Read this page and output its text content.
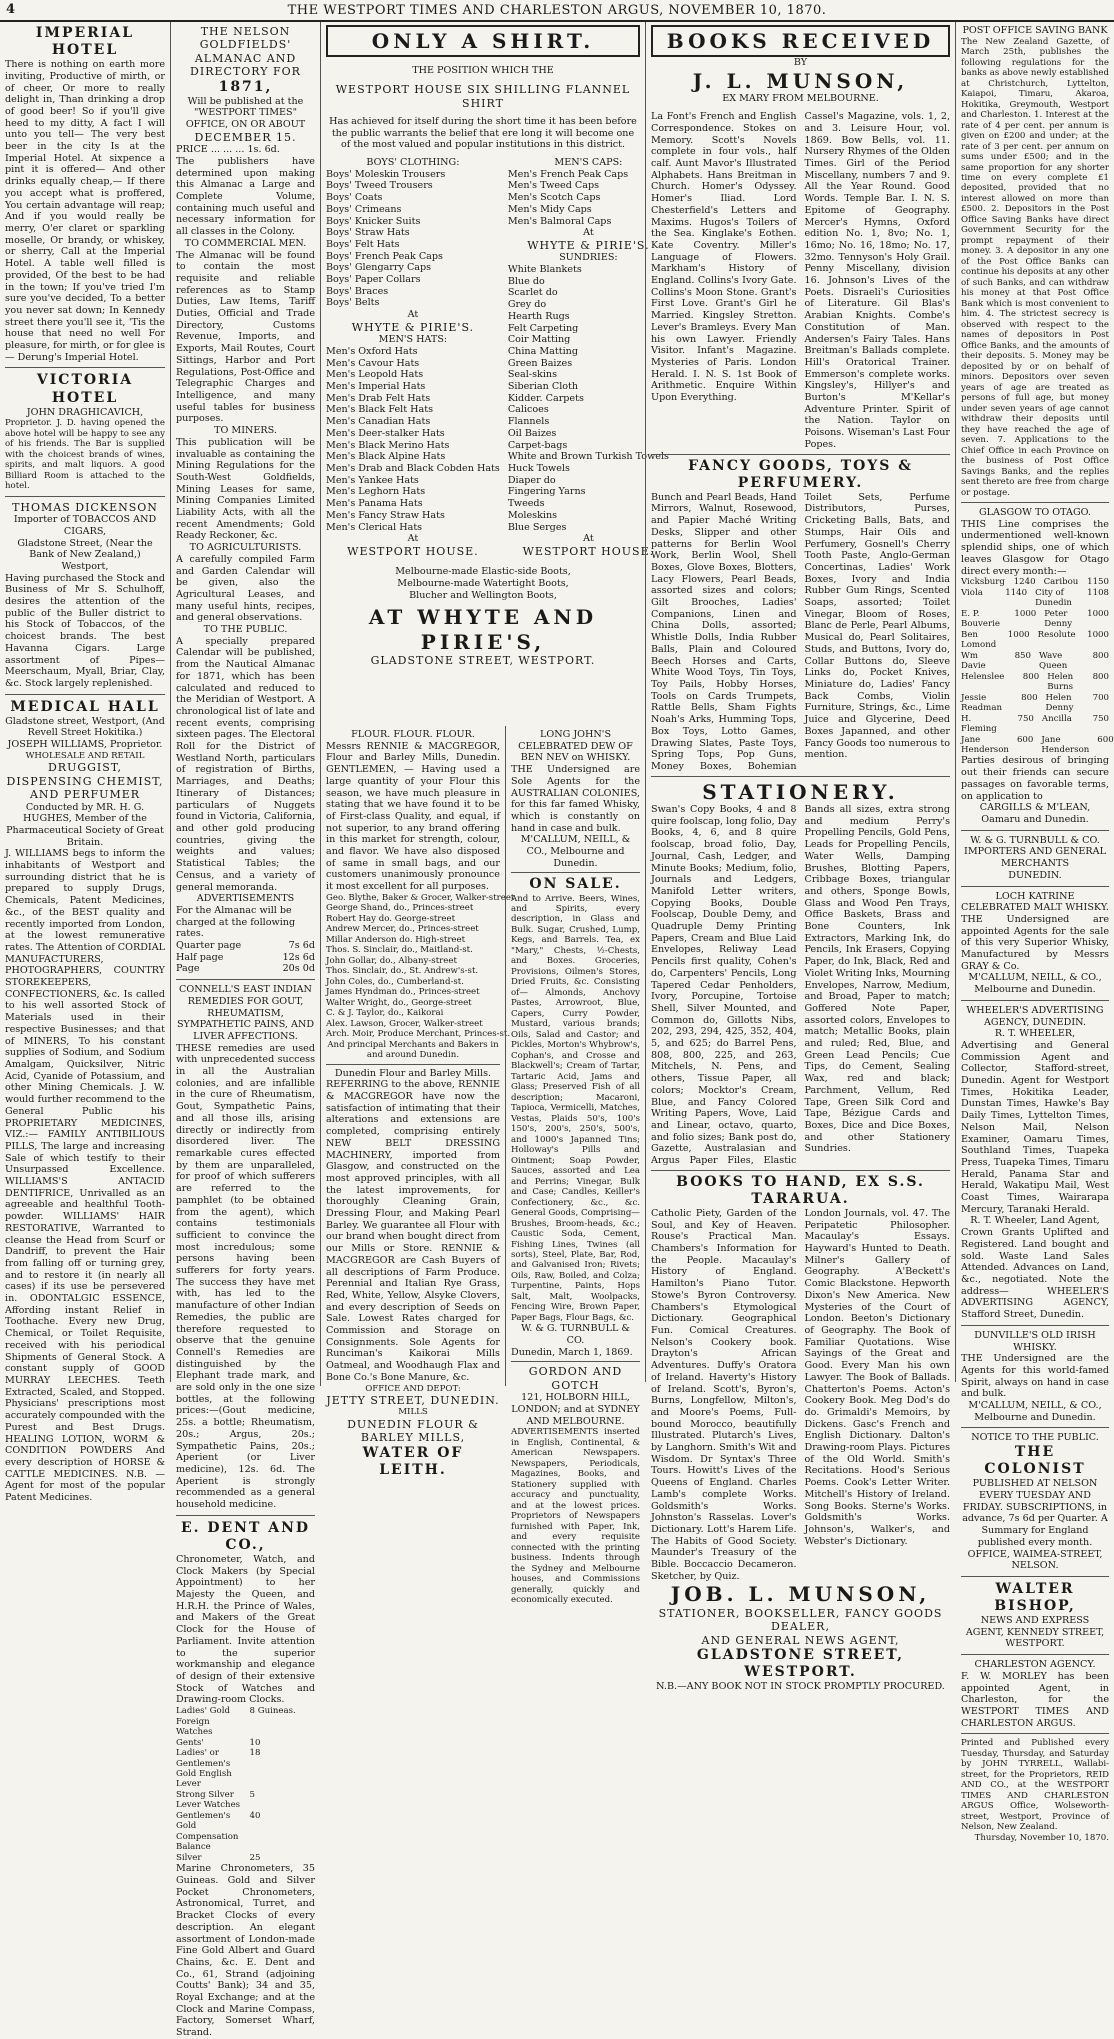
4	THE WESTPORT TIMES AND CHARLESTON ARGUS, NOVEMBER 10, 1870.
IMPERIAL HOTEL
There is nothing on earth more inviting, Productive of mirth, or of cheer, Or more to really delight in, Than drinking a drop of good beer! So if you'll give heed to my ditty, A fact I will unto you tell— The very best beer in the city Is at the Imperial Hotel. At sixpence a pint it is offered— And other drinks equally cheap,— If there you accept what is proffered, You certain advantage will reap; And if you would really be merry, O'er claret or sparkling moselle, Or brandy, or whiskey, or sherry, Call at the Imperial Hotel. A table well filled is provided, Of the best to be had in the town; If you've tried I'm sure you've decided, To a better you never sat down; In Kennedy street there you'll see it, 'Tis the house that need no well For pleasure, for mirth, or for glee is— Derung's Imperial Hotel.
VICTORIA HOTEL
JOHN DRAGHICAVICH,
Proprietor. J. D. having opened the above hotel will be happy to see any of his friends. The Bar is supplied with the choicest brands of wines, spirits, and malt liquors. A good Billiard Room is attached to the hotel.
THOMAS DICKENSON
Importer of TOBACCOS AND CIGARS,
Gladstone Street, (Near the Bank of New Zealand,) Westport,
Having purchased the Stock and Business of Mr S. Schulhoff, desires the attention of the public of the Buller district to his Stock of Tobaccos, of the choicest brands. The best Havanna Cigars. Large assortment of Pipes—Meerschaum, Myall, Briar, Clay, &c. Stock largely replenished.
MEDICAL HALL
Gladstone street, Westport, (And Revell Street Hokitika.)
JOSEPH WILLIAMS, Proprietor.
WHOLESALE AND RETAIL
DRUGGIST, DISPENSING CHEMIST, AND PERFUMER
Conducted by MR. H. G. HUGHES, Member of the Pharmaceutical Society of Great Britain.
J. WILLIAMS begs to inform the inhabitants of Westport and surrounding district that he is prepared to supply Drugs, Chemicals, Patent Medicines, &c., of the BEST quality and recently imported from London, at the lowest remunerative rates. The Attention of CORDIAL MANUFACTURERS, PHOTOGRAPHERS, COUNTRY STOREKEEPERS, CONFECTIONERS, &c. Is called to his well assorted Stock of Materials used in their respective Businesses; and that of MINERS, To his constant supplies of Sodium, and Sodium Amalgam, Quicksilver, Nitric Acid, Cyanide of Potassium, and other Mining Chemicals. J. W. would further recommend to the General Public his PROPRIETARY MEDICINES, VIZ.:— FAMILY ANTIBILIOUS PILLS, The large and increasing Sale of which testify to their Unsurpassed Excellence. WILLIAMS'S ANTACID DENTIFRICE, Unrivalled as an agreeable and healthful Tooth-powder. WILLIAMS' HAIR RESTORATIVE, Warranted to cleanse the Head from Scurf or Dandriff, to prevent the Hair from falling off or turning grey, and to restore it (in nearly all cases) if its use be persevered in. ODONTALGIC ESSENCE, Affording instant Relief in Toothache. Every new Drug, Chemical, or Toilet Requisite, received with his periodical Shipments of General Stock. A constant supply of GOOD MURRAY LEECHES. Teeth Extracted, Scaled, and Stopped. Physicians' prescriptions most accurately compounded with the Purest and Best Drugs. HEALING LOTION, WORM & CONDITION POWDERS And every description of HORSE & CATTLE MEDICINES. N.B. — Agent for most of the popular Patent Medicines.
THE NELSON GOLDFIELDS' ALMANAC AND DIRECTORY FOR
1871,
Will be published at the "WESTPORT TIMES" OFFICE, ON OR ABOUT
DECEMBER 15.
PRICE ... ... ... 1s. 6d.
The publishers have determined upon making this Almanac a Large and Complete Volume, containing much useful and necessary information for all classes in the Colony.
TO COMMERCIAL MEN.
The Almanac will be found to contain the most requisite and reliable references as to Stamp Duties, Law Items, Tariff Duties, Official and Trade Directory, Customs Revenue, Imports, and Exports, Mail Routes, Court Sittings, Harbor and Port Regulations, Post-Office and Telegraphic Charges and Intelligence, and many useful tables for business purposes.
TO MINERS.
This publication will be invaluable as containing the Mining Regulations for the South-West Goldfields, Mining Leases for same, Mining Companies Limited Liability Acts, with all the recent Amendments; Gold Ready Reckoner, &c.
TO AGRICULTURISTS.
A carefully compiled Farm and Garden Calendar will be given, also the Agricultural Leases, and many useful hints, recipes, and general observations.
TO THE PUBLIC.
A specially prepared Calendar will be published, from the Nautical Almanac for 1871, which has been calculated and reduced to the Meridian of Westport. A chronological list of late and recent events, comprising sixteen pages. The Electoral Roll for the District of Westland North, particulars of registration of Births, Marriages, and Deaths; Itinerary of Distances; particulars of Nuggets found in Victoria, California, and other gold producing countries, giving the weights and values; Statistical Tables; the Census, and a variety of general memoranda.
ADVERTISEMENTS
For the Almanac will be charged at the following rates.
Quarter page	7s 6d
Half page	12s 6d
Page	20s 0d
CONNELL'S EAST INDIAN REMEDIES FOR GOUT, RHEUMATISM, SYMPATHETIC PAINS, AND LIVER AFFECTIONS.
THESE remedies are used with unprecedented success in all the Australian colonies, and are infallible in the cure of Rheumatism, Gout, Sympathetic Pains, and all those ills, arising directly or indirectly from disordered liver. The remarkable cures effected by them are unparalleled, for proof of which sufferers are referred to the pamphlet (to be obtained from the agent), which contains testimonials sufficient to convince the most incredulous; some persons having been sufferers for forty years. The success they have met with, has led to the manufacture of other Indian Remedies, the public are therefore requested to observe that the genuine Connell's Remedies are distinguished by the Elephant trade mark, and are sold only in the one size bottles, at the following prices:—(Gout medicine, 25s. a bottle; Rheumatism, 20s.; Argus, 20s.; Sympathetic Pains, 20s.; Aperient (or Liver medicine), 12s. 6d. The Aperient is strongly recommended as a general household medicine.
E. DENT AND CO.,
Chronometer, Watch, and Clock Makers (by Special Appointment) to her Majesty the Queen, and H.R.H. the Prince of Wales, and Makers of the Great Clock for the House of Parliament. Invite attention to the superior workmanship and elegance of design of their extensive Stock of Watches and Drawing-room Clocks.
Ladies' Gold Foreign Watches
8 Guineas.
Gents'	10
Ladies' or Gentlemen's Gold English Lever
18
Strong Silver Lever Watches
5
Gentlemen's Gold Compensation Balance
40
Silver	25
Marine Chronometers, 35 Guineas. Gold and Silver Pocket Chronometers, Astronomical, Turret, and Bracket Clocks of every description. An elegant assortment of London-made Fine Gold Albert and Guard Chains, &c. E. Dent and Co., 61, Strand (adjoining Coutts' Bank); 34 and 35, Royal Exchange; and at the Clock and Marine Compass, Factory, Somerset Wharf, Strand.
ONLY A SHIRT.
THE POSITION WHICH THE
WESTPORT HOUSE SIX SHILLING FLANNEL SHIRT
Has achieved for itself during the short time it has been before the public warrants the belief that ere long it will become one of the most valued and popular institutions in this district.
BOYS' CLOTHING:
Boys' Moleskin Trousers
Boys' Tweed Trousers
Boys' Coats
Boys' Crimeans
Boys' Knicker Suits
Boys' Straw Hats
Boys' Felt Hats
Boys' French Peak Caps
Boys' Glengarry Caps
Boys' Paper Collars
Boys' Braces
Boys' Belts
At
WHYTE & PIRIE'S.
MEN'S HATS:
Men's Oxford Hats
Men's Cavour Hats
Men's Leopold Hats
Men's Imperial Hats
Men's Drab Felt Hats
Men's Black Felt Hats
Men's Canadian Hats
Men's Deer-stalker Hats
Men's Black Merino Hats
Men's Black Alpine Hats
Men's Drab and Black Cobden Hats
Men's Yankee Hats
Men's Leghorn Hats
Men's Panama Hats
Men's Fancy Straw Hats
Men's Clerical Hats
At
WESTPORT HOUSE.
MEN'S CAPS:
Men's French Peak Caps
Men's Tweed Caps
Men's Scotch Caps
Men's Midy Caps
Men's Balmoral Caps
At
WHYTE & PIRIE'S.
SUNDRIES:
White Blankets
Blue do
Scarlet do
Grey do
Hearth Rugs
Felt Carpeting
Coir Matting
China Matting
Green Baizes
Seal-skins
Siberian Cloth
Kidder. Carpets
Calicoes
Flannels
Oil Baizes
Carpet-bags
White and Brown Turkish Towels
Huck Towels
Diaper do
Fingering Yarns
Tweeds
Moleskins
Blue Serges
At
WESTPORT HOUSE.
Melbourne-made Elastic-side Boots,
Melbourne-made Watertight Boots,
Blucher and Wellington Boots,
AT WHYTE AND PIRIE'S,
GLADSTONE STREET, WESTPORT.
FLOUR. FLOUR. FLOUR.
Messrs RENNIE & MACGREGOR, Flour and Barley Mills, Dunedin. GENTLEMEN, — Having used a large quantity of your Flour this season, we have much pleasure in stating that we have found it to be of First-class Quality, and equal, if not superior, to any brand offering in this market for strength, colour, and flavor. We have also disposed of same in small bags, and our customers unanimously pronounce it most excellent for all purposes.
Geo. Blythe, Baker & Grocer, Walker-street
George Shand, do., Princes-street
Robert Hay do. George-street
Andrew Mercer, do., Princes-street
Millar Anderson do. High-street
Thos. S. Sinclair, do., Maitland-st.
John Gollar, do., Albany-street
Thos. Sinclair, do., St. Andrew's-st.
John Coles, do., Cumberland-st.
James Hyndman do., Princes-street
Walter Wright, do., George-street
C. & J. Taylor, do., Kaikorai
Alex. Lawson, Grocer, Walker-street
Arch. Moir, Produce Merchant, Princes-st.
And principal Merchants and Bakers in and around Dunedin.
Dunedin Flour and Barley Mills.
REFERRING to the above, RENNIE & MACGREGOR have now the satisfaction of intimating that their alterations and extensions are completed, comprising entirely NEW BELT DRESSING MACHINERY, imported from Glasgow, and constructed on the most approved principles, with all the latest improvements, for thoroughly Cleaning Grain, Dressing Flour, and Making Pearl Barley. We guarantee all Flour with our brand when bought direct from our Mills or Store. RENNIE & MACGREGOR are Cash Buyers of all descriptions of Farm Produce. Perennial and Italian Rye Grass, Red, White, Yellow, Alsyke Clovers, and every description of Seeds on Sale. Lowest Rates charged for Commission and Storage on Consignments. Sole Agents for Runciman's Kaikorai Mills Oatmeal, and Woodhaugh Flax and Bone Co.'s Bone Manure, &c.
OFFICE AND DEPOT:
JETTY STREET, DUNEDIN.
MILLS
DUNEDIN FLOUR & BARLEY MILLS,
WATER OF LEITH.
LONG JOHN'S CELEBRATED DEW OF BEN NEV on WHISKY.
THE Undersigned are Sole Agents for the AUSTRALIAN COLONIES, for this far famed Whisky, which is constantly on hand in case and bulk.
M'CALLUM, NEILL, & CO., Melbourne and Dunedin.
ON SALE.
And to Arrive. Beers, Wines, and Spirits, every description, in Glass and Bulk. Sugar, Crushed, Lump, Kegs, and Barrels. Tea, ex "Mary," Chests, ½-Chests, and Boxes. Groceries, Provisions, Oilmen's Stores, Dried Fruits, &c. Consisting of— Almonds, Anchovy Pastes, Arrowroot, Blue, Capers, Curry Powder, Mustard, various brands; Oils, Salad and Castor; and Pickles, Morton's Whybrow's, Cophan's, and Crosse and Blackwell's; Cream of Tartar, Tartaric Acid, Jams and Glass; Preserved Fish of all description; Macaroni, Tapioca, Vermicelli, Matches, Vestas, Plaids 50's, 100's 150's, 200's, 250's, 500's, and 1000's Japanned Tins; Holloway's Pills and Ointment; Soap Powder, Sauces, assorted and Lea and Perrins; Vinegar, Bulk and Case; Candles, Keiller's Confectionery, &c., &c. General Goods, Comprising— Brushes, Broom-heads, &c.; Caustic Soda, Cement, Fishing Lines, Twines (all sorts), Steel, Plate, Bar, Rod, and Galvanised Iron; Rivets; Oils, Raw, Boiled, and Colza; Turpentine, Paints, Hops Salt, Malt, Woolpacks, Fencing Wire, Brown Paper, Paper Bags, Flour Bags, &c.
W. & G. TURNBULL & CO.
Dunedin, March 1, 1869.
GORDON AND GOTCH
121, HOLBORN HILL, LONDON; and at SYDNEY AND MELBOURNE.
ADVERTISEMENTS inserted in English, Continental, & American Newspapers. Newspapers, Periodicals, Magazines, Books, and Stationery supplied with accuracy and punctuality, and at the lowest prices. Proprietors of Newspapers furnished with Paper, Ink, and every requisite connected with the printing business. Indents through the Sydney and Melbourne houses, and Commissions generally, quickly and economically executed.
BOOKS RECEIVED
BY
J. L. MUNSON,
EX MARY FROM MELBOURNE.
La Font's French and English Correspondence. Stokes on Memory. Scott's Novels complete in four vols., half calf. Aunt Mavor's Illustrated Alphabets. Hans Breitman in Church. Homer's Odyssey. Homer's Iliad. Lord Chesterfield's Letters and Maxims. Hugos's Toilers of the Sea. Kinglake's Eothen. Kate Coventry. Miller's Language of Flowers. Markham's History of England. Collins's Ivory Gate. Collins's Moon Stone. Grant's First Love. Grant's Girl he Married. Kingsley Stretton. Lever's Bramleys. Every Man his own Lawyer. Friendly Visitor. Infant's Magazine. Mysteries of Paris. London Herald. I. N. S. 1st Book of Arithmetic. Enquire Within Upon Everything.
Cassel's Magazine, vols. 1, 2, and 3. Leisure Hour, vol. 1869. Bow Bells, vol. 11. Nursery Rhymes of the Olden Times. Girl of the Period Miscellany, numbers 7 and 9. All the Year Round. Good Words. Temple Bar. I. N. S. Epitome of Geography. Mercer's Hymns, Oxford edition No. 1, 8vo; No. 1, 16mo; No. 16, 18mo; No. 17, 32mo. Tennyson's Holy Grail. Penny Miscellany, division 16. Johnson's Lives of the Poets. Disraeli's Curiosities of Literature. Gil Blas's Arabian Knights. Combe's Constitution of Man. Andersen's Fairy Tales. Hans Breitman's Ballads complete. Hill's Oratorical Trainer. Emmerson's complete works. Kingsley's, Hillyer's and Burton's M'Kellar's Adventure Printer. Spirit of the Nation. Taylor on Poisons. Wiseman's Last Four Popes.
FANCY GOODS, TOYS & PERFUMERY.
Bunch and Pearl Beads, Hand Mirrors, Walnut, Rosewood, and Papier Maché Writing Desks, Slipper and other patterns for Berlin Wool Work, Berlin Wool, Shell Boxes, Glove Boxes, Blotters, Lacy Flowers, Pearl Beads, assorted sizes and colors; Gilt Brooches, Ladies' Companions, Linen and China Dolls, assorted; Whistle Dolls, India Rubber Balls, Plain and Coloured Beech Horses and Carts, White Wood Toys, Tin Toys, Toy Pails, Hobby Horses, Tools on Cards Trumpets, Rattle Bells, Sham Fights Noah's Arks, Humming Tops, Box Toys, Lotto Games, Drawing Slates, Paste Toys, Spring Tops, Pop Guns, Money Boxes, Bohemian Toilet Sets, Perfume Distributors, Purses, Cricketing Balls, Bats, and Stumps, Hair Oils and Perfumery, Gosnell's Cherry Tooth Paste, Anglo-German Concertinas, Ladies' Work Boxes, Ivory and India Rubber Gum Rings, Scented Soaps, assorted; Toilet Vinegar, Bloom of Roses, Blanc de Perle, Pearl Albums, Musical do, Pearl Solitaires, Studs, and Buttons, Ivory do, Collar Buttons do, Sleeve Links do, Pocket Knives, Miniature do, Ladies' Fancy Back Combs, Violin Furniture, Strings, &c., Lime Juice and Glycerine, Deed Boxes Japanned, and other Fancy Goods too numerous to mention.
STATIONERY.
Swan's Copy Books, 4 and 8 quire foolscap, long folio, Day Books, 4, 6, and 8 quire foolscap, broad folio, Day, Journal, Cash, Ledger, and Minute Books; Medium, folio, Journals and Ledgers, Manifold Letter writers, Copying Books, Double Foolscap, Double Demy, and Quadruple Demy Printing Papers, Cream and Blue Laid Envelopes, Reliway Lead Pencils first quality, Cohen's do, Carpenters' Pencils, Long Tapered Cedar Penholders, Ivory, Porcupine, Tortoise Shell, Silver Mounted, and Common do, Gillotts Nibs, 202, 293, 294, 425, 352, 404, 5, and 625; do Barrel Pens, 808, 800, 225, and 263, Mitchels, N. Pens, and others, Tissue Paper, all colors; Mocktor's Cream, Blue, and Fancy Colored Writing Papers, Wove, Laid and Linear, octavo, quarto, and folio sizes; Bank post do, Gazette, Australasian and Argus Paper Files, Elastic Bands all sizes, extra strong and medium Perry's Propelling Pencils, Gold Pens, Leads for Propelling Pencils, Water Wells, Damping Brushes, Blotting Papers, Cribbage Boxes, triangular and others, Sponge Bowls, Glass and Wood Pen Trays, Office Baskets, Brass and Bone Counters, Ink Extractors, Marking Ink, do Pencils, Ink Erasers, Copying Paper, do Ink, Black, Red and Violet Writing Inks, Mourning Envelopes, Narrow, Medium, and Broad, Paper to match; Goffered Note Paper, assorted colors, Envelopes to match; Metallic Books, plain and ruled; Red, Blue, and Green Lead Pencils; Cue Tips, do Cement, Sealing Wax, red and black; Parchment, Vellum, Red Tape, Green Silk Cord and Tape, Bézigue Cards and Boxes, Dice and Dice Boxes, and other Stationery Sundries.
BOOKS TO HAND, EX S.S. TARARUA.
Catholic Piety, Garden of the Soul, and Key of Heaven. Rouse's Practical Man. Chambers's Information for the People. Macaulay's History of England. Hamilton's Piano Tutor. Stowe's Byron Controversy. Chambers's Etymological Dictionary. Geographical Fun. Comical Creatures. Nelson's Cookery book. Drayton's African Adventures. Duffy's Oratora of Ireland. Haverty's History of Ireland. Scott's, Byron's, Burns, Longfellow, Milton's, and Moore's Poems, Full-bound Morocco, beautifully Illustrated. Plutarch's Lives, by Langhorn. Smith's Wit and Wisdom. Dr Syntax's Three Tours. Howitt's Lives of the Queens of England. Charles Lamb's complete Works. Goldsmith's Works. Johnston's Rasselas. Lover's Dictionary. Lott's Harem Life. The Habits of Good Society. Maunder's Treasury of the Bible. Boccaccio Decameron. Sketcher, by Quiz.
London Journals, vol. 47. The Peripatetic Philosopher. Macaulay's Essays. Hayward's Hunted to Death. Milner's Gallery of Geography. A'Beckett's Comic Blackstone. Hepworth Dixon's New America. New Mysteries of the Court of London. Beeton's Dictionary of Geography. The Book of Familiar Quotations. Wise Sayings of the Great and Good. Every Man his own Lawyer. The Book of Ballads. Chatterton's Poems. Acton's Cookery Book. Meg Dod's do do. Grimaldi's Memoirs, by Dickens. Gasc's French and English Dictionary. Dalton's Drawing-room Plays. Pictures of the Old World. Smith's Recitations. Hood's Serious Poems. Cook's Letter Writer. Mitchell's History of Ireland. Song Books. Sterne's Works. Goldsmith's Works. Johnson's, Walker's, and Webster's Dictionary.
JOB. L. MUNSON,
STATIONER, BOOKSELLER, FANCY GOODS DEALER,
AND GENERAL NEWS AGENT,
GLADSTONE STREET, WESTPORT.
N.B.—ANY BOOK NOT IN STOCK PROMPTLY PROCURED.
POST OFFICE SAVING BANK
The New Zealand Gazette, of March 25th, publishes the following regulations for the banks as above newly established at Christchurch, Lyttelton, Kaiapoi, Timaru, Akaroa, Hokitika, Greymouth, Westport and Charleston. 1. Interest at the rate of 4 per cent. per annum is given on £200 and under; at the rate of 3 per cent. per annum on sums under £500; and in the same proportion for any shorter time on every complete £1 deposited, provided that no interest allowed on more than £500. 2. Depositors in the Post Office Saving Banks have direct Government Security for the prompt repayment of their money. 3. A depositor in any one of the Post Office Banks can continue his deposits at any other of such Banks, and can withdraw his money at that Post Office Bank which is most convenient to him. 4. The strictest secrecy is observed with respect to the names of depositors in Post Office Banks, and the amounts of their deposits. 5. Money may be deposited by or on behalf of minors. Depositors over seven years of age are treated as persons of full age, but money under seven years of age cannot withdraw their deposits until they have reached the age of seven. 7. Applications to the Chief Office in each Province on the business of Post Office Savings Banks, and the replies sent thereto are free from charge or postage.
GLASGOW TO OTAGO.
THIS Line comprises the undermentioned well-known splendid ships, one of which leaves Glasgow for Otago direct every month:—
Vicksburg 1240 Caribou 1150
Viola	1140 City of Dunedin
1108
E. P. Bouverie
1000 Peter Denny
1000
Ben Lomond
1000 Resolute	1000
Wm Davie
850 Wave Queen
800
Helenslee	800 Helen Burns
800
Jessie Readman
800 Helen Denny
700
H. Fleming
750 Ancilla	750
Jane Henderson
600 Jane Henderson
600
Parties desirous of bringing out their friends can secure passages on favorable terms, on application to
CARGILLS & M'LEAN, Oamaru and Dunedin.
W. & G. TURNBULL & CO.
IMPORTERS AND GENERAL MERCHANTS
DUNEDIN.
LOCH KATRINE CELEBRATED MALT WHISKY.
THE Undersigned are appointed Agents for the sale of this very Superior Whisky, Manufactured by Messrs GRAY & Co.
M'CALLUM, NEILL, & CO., Melbourne and Dunedin.
WHEELER'S ADVERTISING AGENCY, DUNEDIN.
R. T. WHEELER,
Advertising and General Commission Agent and Collector, Stafford-street, Dunedin. Agent for Westport Times, Hokitika Leader, Dunstan Times, Hawke's Bay Daily Times, Lyttelton Times, Nelson Mail, Nelson Examiner, Oamaru Times, Southland Times, Tuapeka Press, Tuapeka Times, Timaru Herald, Panama Star and Herald, Wakatipu Mail, West Coast Times, Wairarapa Mercury, Taranaki Herald.
R. T. Wheeler, Land Agent,
Crown Grants Uplifted and Registered. Land bought and sold. Waste Land Sales Attended. Advances on Land, &c., negotiated. Note the address— WHEELER'S ADVERTISING AGENCY, Stafford Street, Dunedin.
DUNVILLE'S OLD IRISH WHISKY.
THE Undersigned are the Agents for this world-famed Spirit, always on hand in case and bulk.
M'CALLUM, NEILL, & CO., Melbourne and Dunedin.
NOTICE TO THE PUBLIC.
THE COLONIST
PUBLISHED AT NELSON EVERY TUESDAY AND FRIDAY. SUBSCRIPTIONS, in advance, 7s 6d per Quarter. A Summary for England published every month. OFFICE, WAIMEA-STREET, NELSON.
WALTER BISHOP,
NEWS AND EXPRESS AGENT, KENNEDY STREET, WESTPORT.
CHARLESTON AGENCY.
F. W. MORLEY has been appointed Agent, in Charleston, for the WESTPORT TIMES AND CHARLESTON ARGUS.
Printed and Published every Tuesday, Thursday, and Saturday by JOHN TYRRELL, Wallabi-street, for the Proprietors, REID AND CO., at the WESTPORT TIMES AND CHARLESTON ARGUS Office, Wolseworth-street, Westport, Province of Nelson, New Zealand.
Thursday, November 10, 1870.
